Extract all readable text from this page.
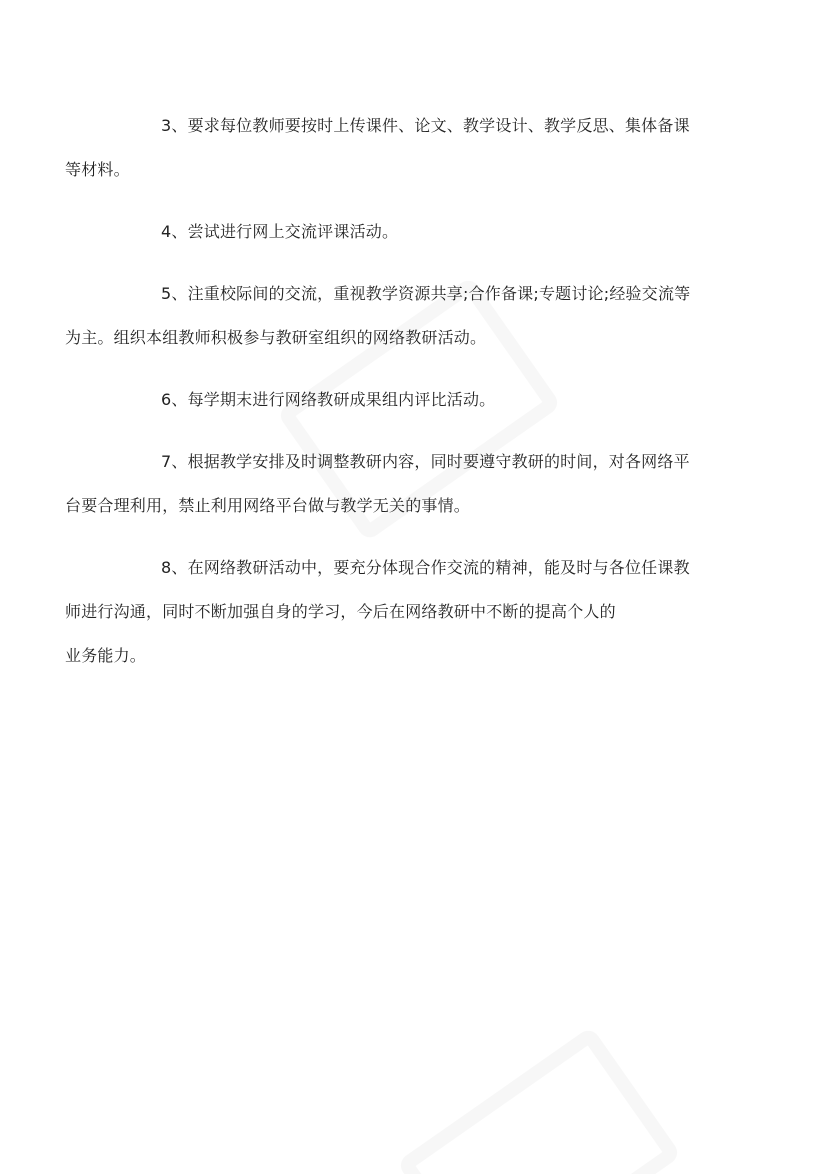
3、要求每位教师要按时上传课件、论文、教学设计、教学反思、集体备课
等材料。

4、尝试进行网上交流评课活动。

5、注重校际间的交流，重视教学资源共享;合作备课;专题讨论;经验交流等
为主。组织本组教师积极参与教研室组织的网络教研活动。

6、每学期末进行网络教研成果组内评比活动。

7、根据教学安排及时调整教研内容，同时要遵守教研的时间，对各网络平
台要合理利用，禁止利用网络平台做与教学无关的事情。

8、在网络教研活动中，要充分体现合作交流的精神，能及时与各位任课教
师进行沟通，同时不断加强自身的学习，今后在网络教研中不断的提高个人的
业务能力。
